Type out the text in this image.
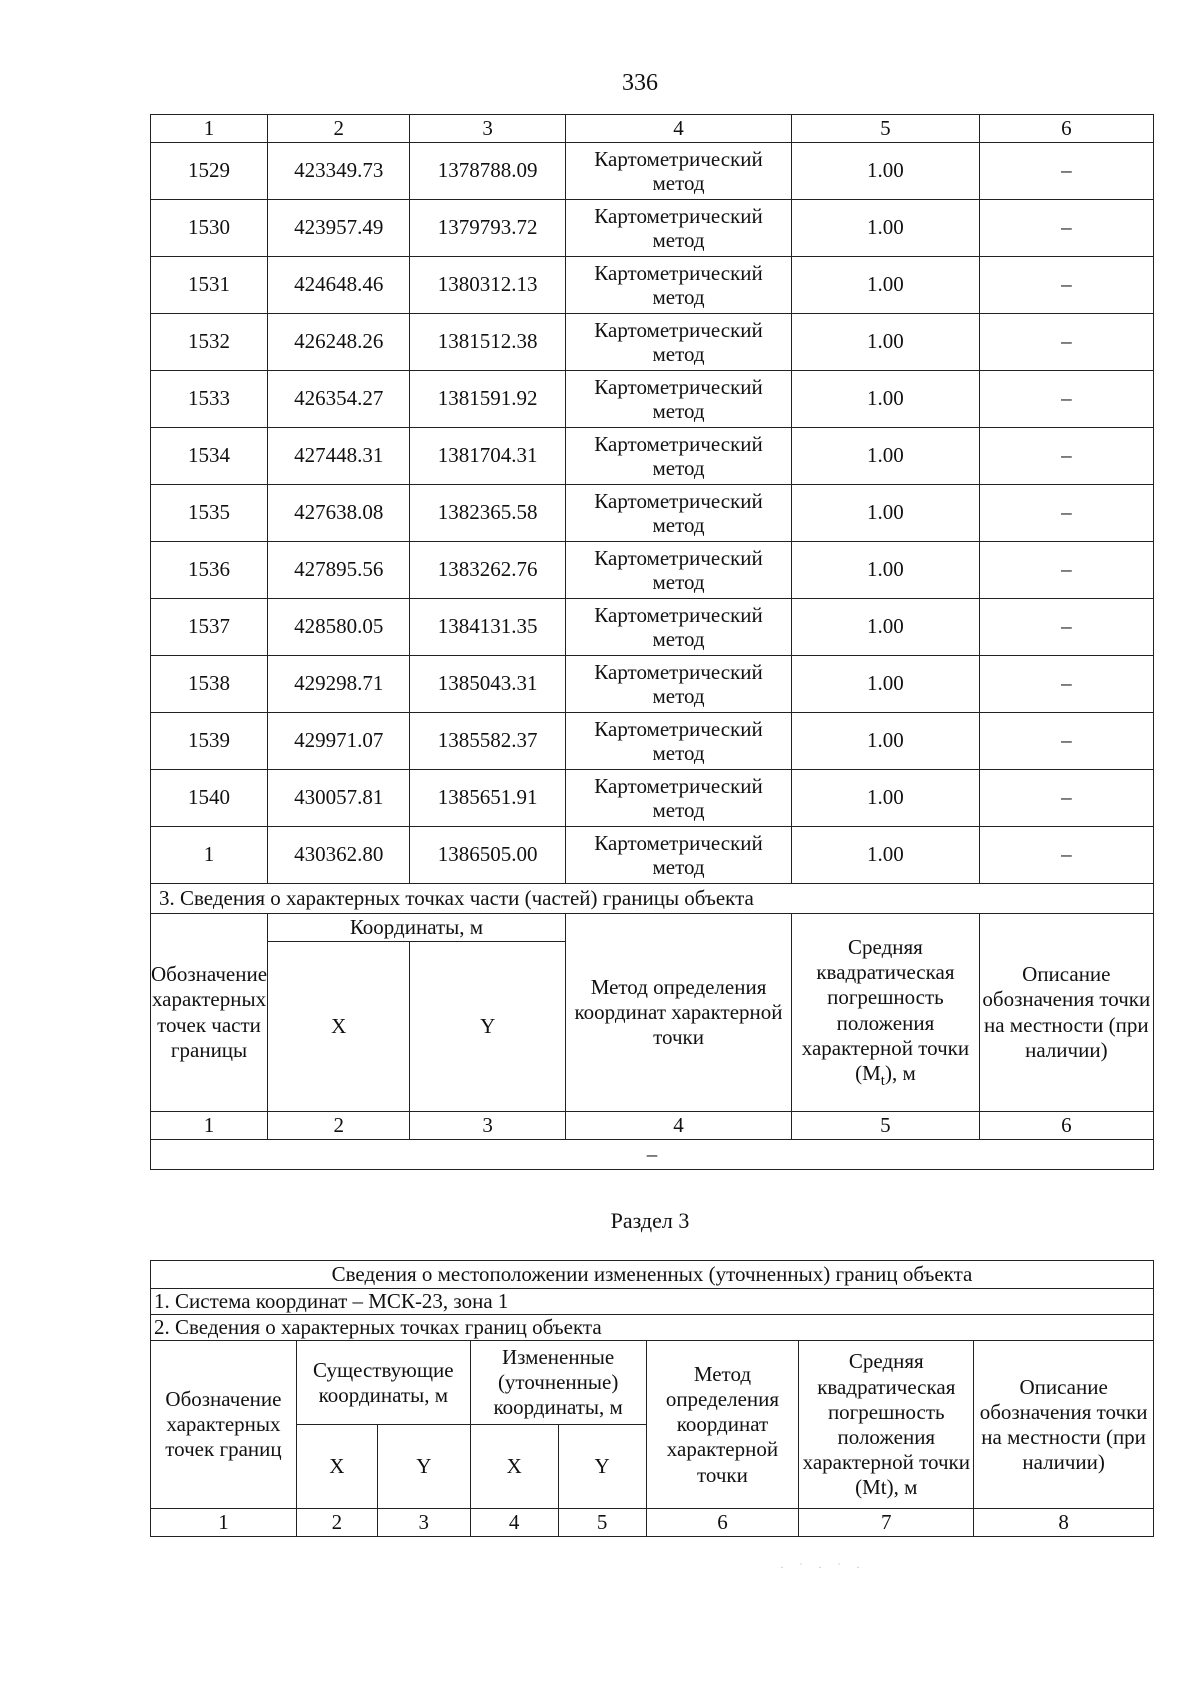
336
1	2	3	4	5	6
1529	423349.73	1378788.09	Картометрический метод	1.00	–
1530	423957.49	1379793.72	Картометрический метод	1.00	–
1531	424648.46	1380312.13	Картометрический метод	1.00	–
1532	426248.26	1381512.38	Картометрический метод	1.00	–
1533	426354.27	1381591.92	Картометрический метод	1.00	–
1534	427448.31	1381704.31	Картометрический метод	1.00	–
1535	427638.08	1382365.58	Картометрический метод	1.00	–
1536	427895.56	1383262.76	Картометрический метод	1.00	–
1537	428580.05	1384131.35	Картометрический метод	1.00	–
1538	429298.71	1385043.31	Картометрический метод	1.00	–
1539	429971.07	1385582.37	Картометрический метод	1.00	–
1540	430057.81	1385651.91	Картометрический метод	1.00	–
1	430362.80	1386505.00	Картометрический метод	1.00	–
3. Сведения о характерных точках части (частей) границы объекта					
Обозначение характерных точек части границы	Координаты, м		Метод определения координат характерной точки	Средняя квадратическая погрешность положения характерной точки $(M_t)$, м	Описание обозначения точки на местности (при наличии)
	X	Y			
1	2	3	4	5	6
–					
Раздел 3
Сведения о местоположении измененных (уточненных) границ объекта							
1. Система координат – МСК-23, зона 1							
2. Сведения о характерных точках границ объекта							
Обозначение характерных точек границ	Существующие координаты, м		Измененные (уточненные) координаты, м		Метод определения координат характерной точки	Средняя квадратическая погрешность положения характерной точки (Mt), м	Описание обозначения точки на местности (при наличии)
	X	Y	X	Y			
1	2	3	4	5	6	7	8
· ˙ · ˙ ·
